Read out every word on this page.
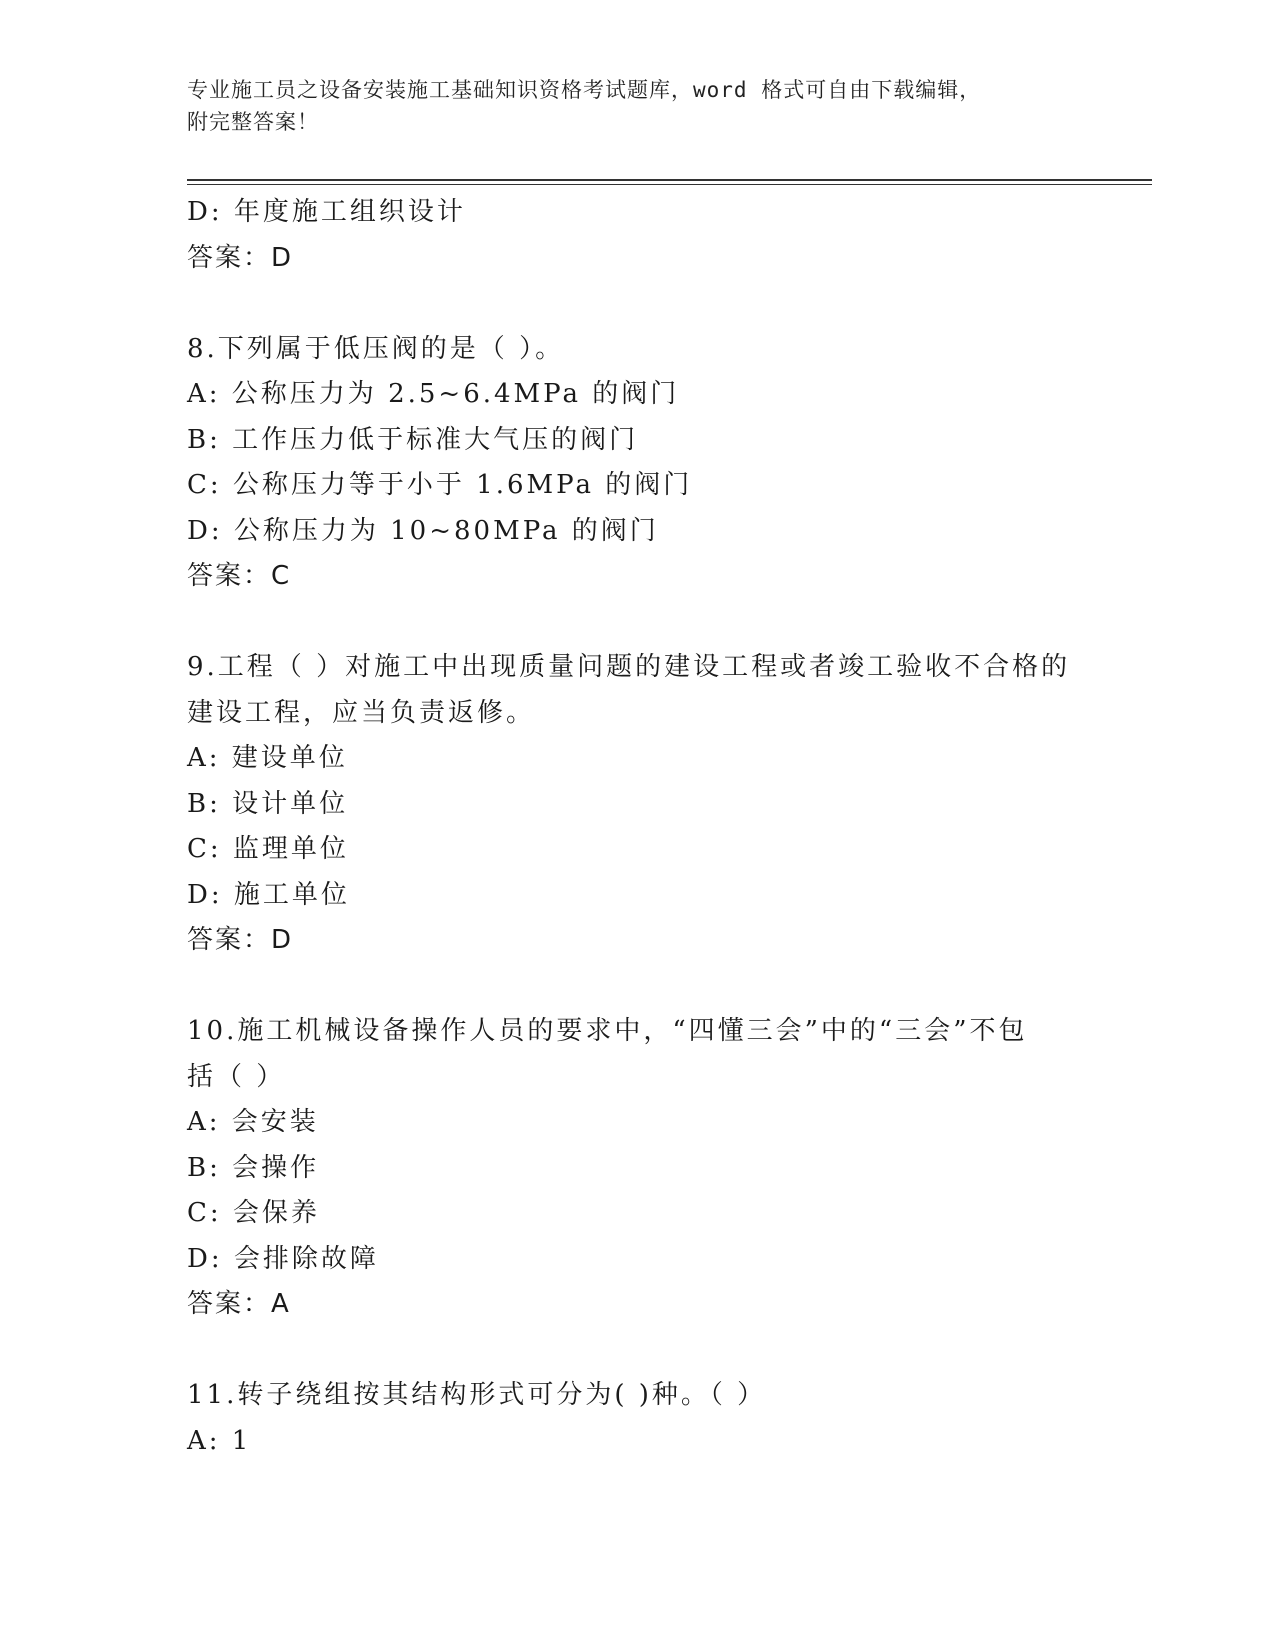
专业施工员之设备安装施工基础知识资格考试题库，word 格式可自由下载编辑，
附完整答案！
D: 年度施工组织设计
答案：D
8.下列属于低压阀的是（ ）。
A: 公称压力为 2.5~6.4MPa 的阀门
B: 工作压力低于标准大气压的阀门
C: 公称压力等于小于 1.6MPa 的阀门
D: 公称压力为 10~80MPa 的阀门
答案：C
9.工程（ ）对施工中出现质量问题的建设工程或者竣工验收不合格的
建设工程，应当负责返修。
A: 建设单位
B: 设计单位
C: 监理单位
D: 施工单位
答案：D
10.施工机械设备操作人员的要求中，“四懂三会”中的“三会”不包
括（ ）
A: 会安装
B: 会操作
C: 会保养
D: 会排除故障
答案：A
11.转子绕组按其结构形式可分为( )种。（ ）
A: 1
